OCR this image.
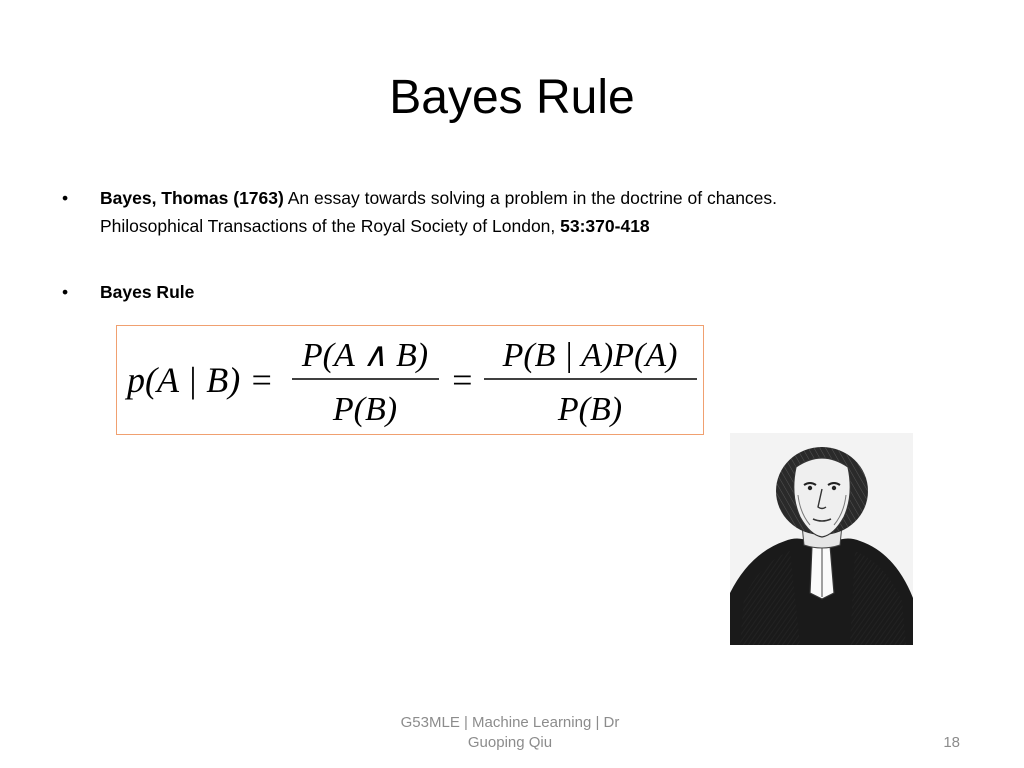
Bayes Rule
• Bayes, Thomas (1763) An essay towards solving a problem in the doctrine of chances.
Philosophical Transactions of the Royal Society of London, 53:370-418
• Bayes Rule
p(A | B) =
P(A ∧ B)
P(B)
=
P(B | A)P(A)
P(B)
G53MLE | Machine Learning | Dr
Guoping Qiu	18
